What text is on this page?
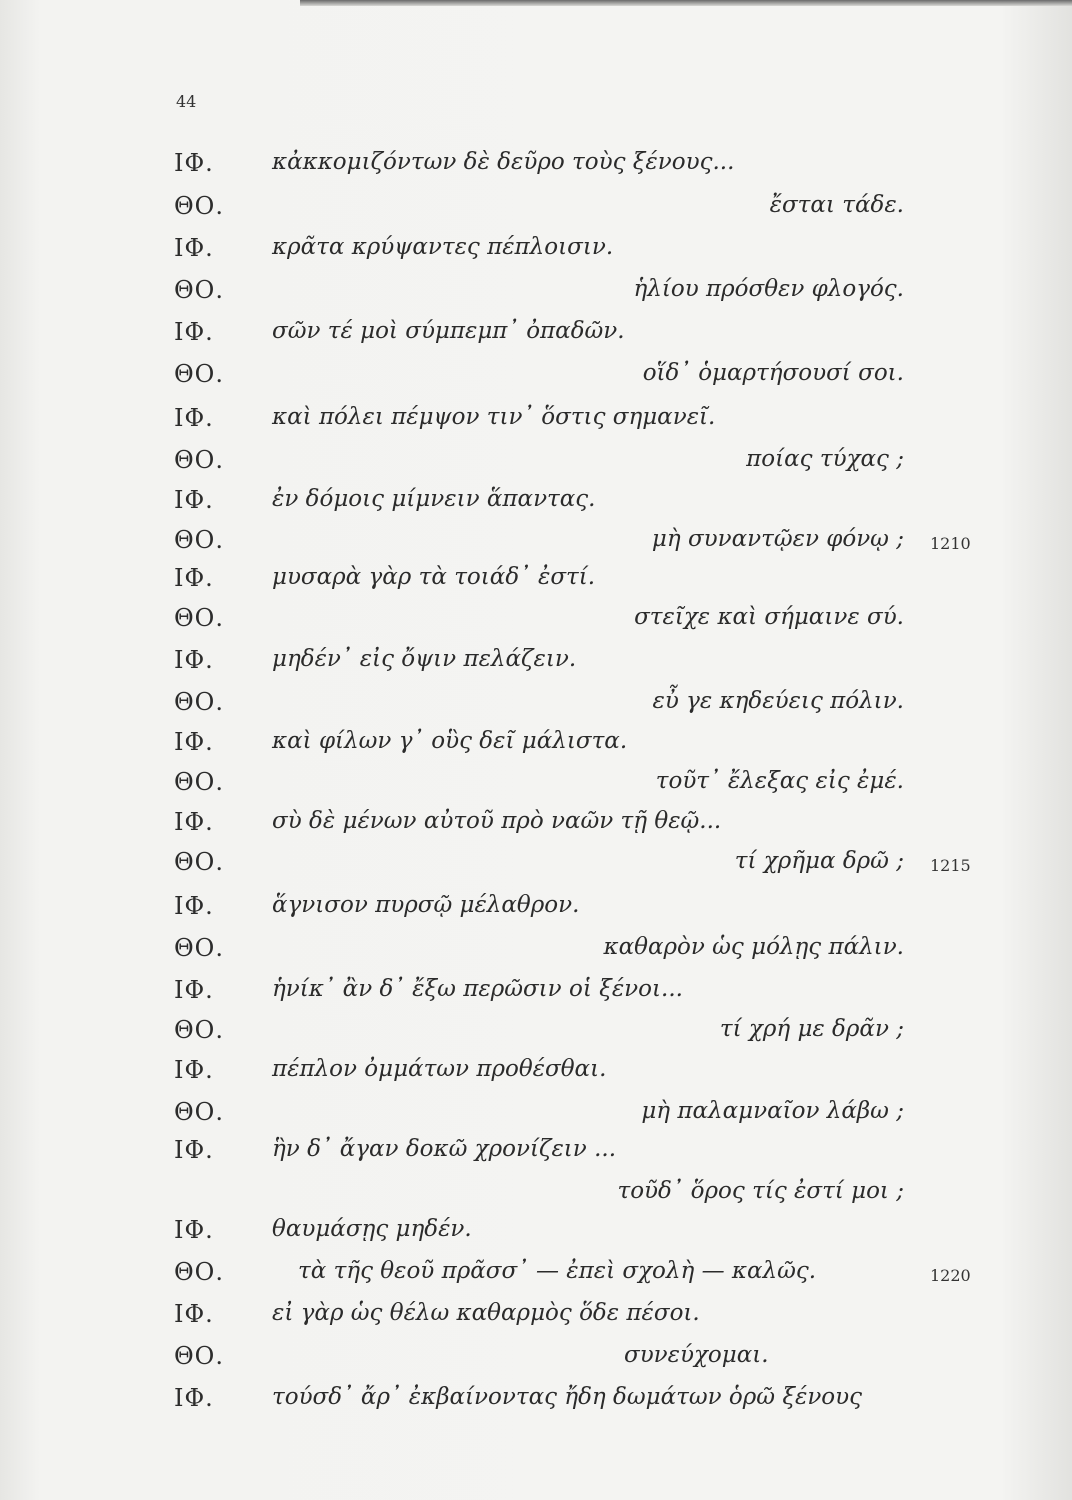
44
ΙΦ.	κἀκκομιζόντων δὲ δεῦρο τοὺς ξένους...
ΘΟ.	ἔσται τάδε.
ΙΦ.	κρᾶτα κρύψαντες πέπλοισιν.
ΘΟ.	ἡλίου πρόσθεν φλογός.
ΙΦ.	σῶν τέ μοὶ σύμπεμπ᾽ ὀπαδῶν.
ΘΟ.	οἵδ᾽ ὁμαρτήσουσί σοι.
ΙΦ.	καὶ πόλει πέμψον τιν᾽ ὅστις σημανεῖ.
ΘΟ.	ποίας τύχας ;
ΙΦ.	ἐν δόμοις μίμνειν ἅπαντας.
ΘΟ.	μὴ συναντῷεν φόνῳ ; 1210
ΙΦ.	μυσαρὰ γὰρ τὰ τοιάδ᾽ ἐστί.
ΘΟ.	στεῖχε καὶ σήμαινε σύ.
ΙΦ.	μηδέν᾽ εἰς ὄψιν πελάζειν.
ΘΟ.	εὖ γε κηδεύεις πόλιν.
ΙΦ.	καὶ φίλων γ᾽ οὓς δεῖ μάλιστα.
ΘΟ.	τοῦτ᾽ ἔλεξας εἰς ἐμέ.
ΙΦ.	σὺ δὲ μένων αὐτοῦ πρὸ ναῶν τῇ θεῷ...
ΘΟ.	τί χρῆμα δρῶ ; 1215
ΙΦ.	ἅγνισον πυρσῷ μέλαθρον.
ΘΟ.	καθαρὸν ὡς μόλῃς πάλιν.
ΙΦ.	ἡνίκ᾽ ἂν δ᾽ ἔξω περῶσιν οἱ ξένοι...
ΘΟ.	τί χρή με δρᾶν ;
ΙΦ.	πέπλον ὀμμάτων προθέσθαι.
ΘΟ.	μὴ παλαμναῖον λάβω ;
ΙΦ.	ἣν δ᾽ ἄγαν δοκῶ χρονίζειν ...
τοῦδ᾽ ὅρος τίς ἐστί μοι ;
ΙΦ.	θαυμάσῃς μηδέν.
ΘΟ.	τὰ τῆς θεοῦ πρᾶσσ᾽ — ἐπεὶ σχολὴ — καλῶς.	1220
ΙΦ.	εἰ γὰρ ὡς θέλω καθαρμὸς ὅδε πέσοι.
ΘΟ.	συνεύχομαι.
ΙΦ.	τούσδ᾽ ἄρ᾽ ἐκβαίνοντας ἤδη δωμάτων ὁρῶ ξένους
